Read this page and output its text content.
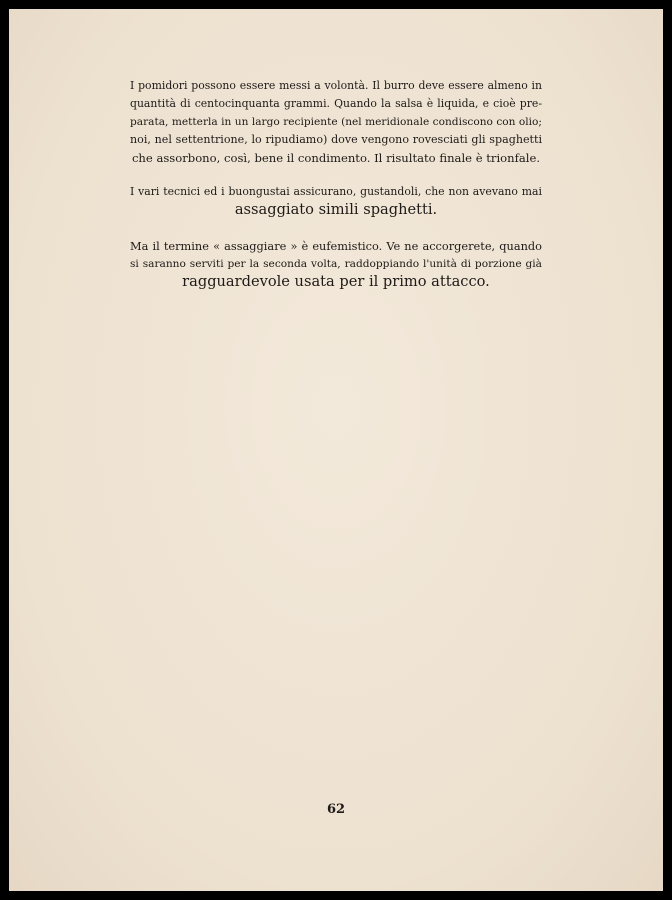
I pomidori possono essere messi a volontà. Il burro deve essere almeno in
quantità di centocinquanta grammi. Quando la salsa è liquida, e cioè pre-
parata, metterla in un largo recipiente (nel meridionale condiscono con olio;
noi, nel settentrione, lo ripudiamo) dove vengono rovesciati gli spaghetti
che assorbono, così, bene il condimento. Il risultato finale è trionfale.

I vari tecnici ed i buongustai assicurano, gustandoli, che non avevano mai
assaggiato simili spaghetti.

Ma il termine « assaggiare » è eufemistico. Ve ne accorgerete, quando
si saranno serviti per la seconda volta, raddoppiando l'unità di porzione già
ragguardevole usata per il primo attacco.

62
